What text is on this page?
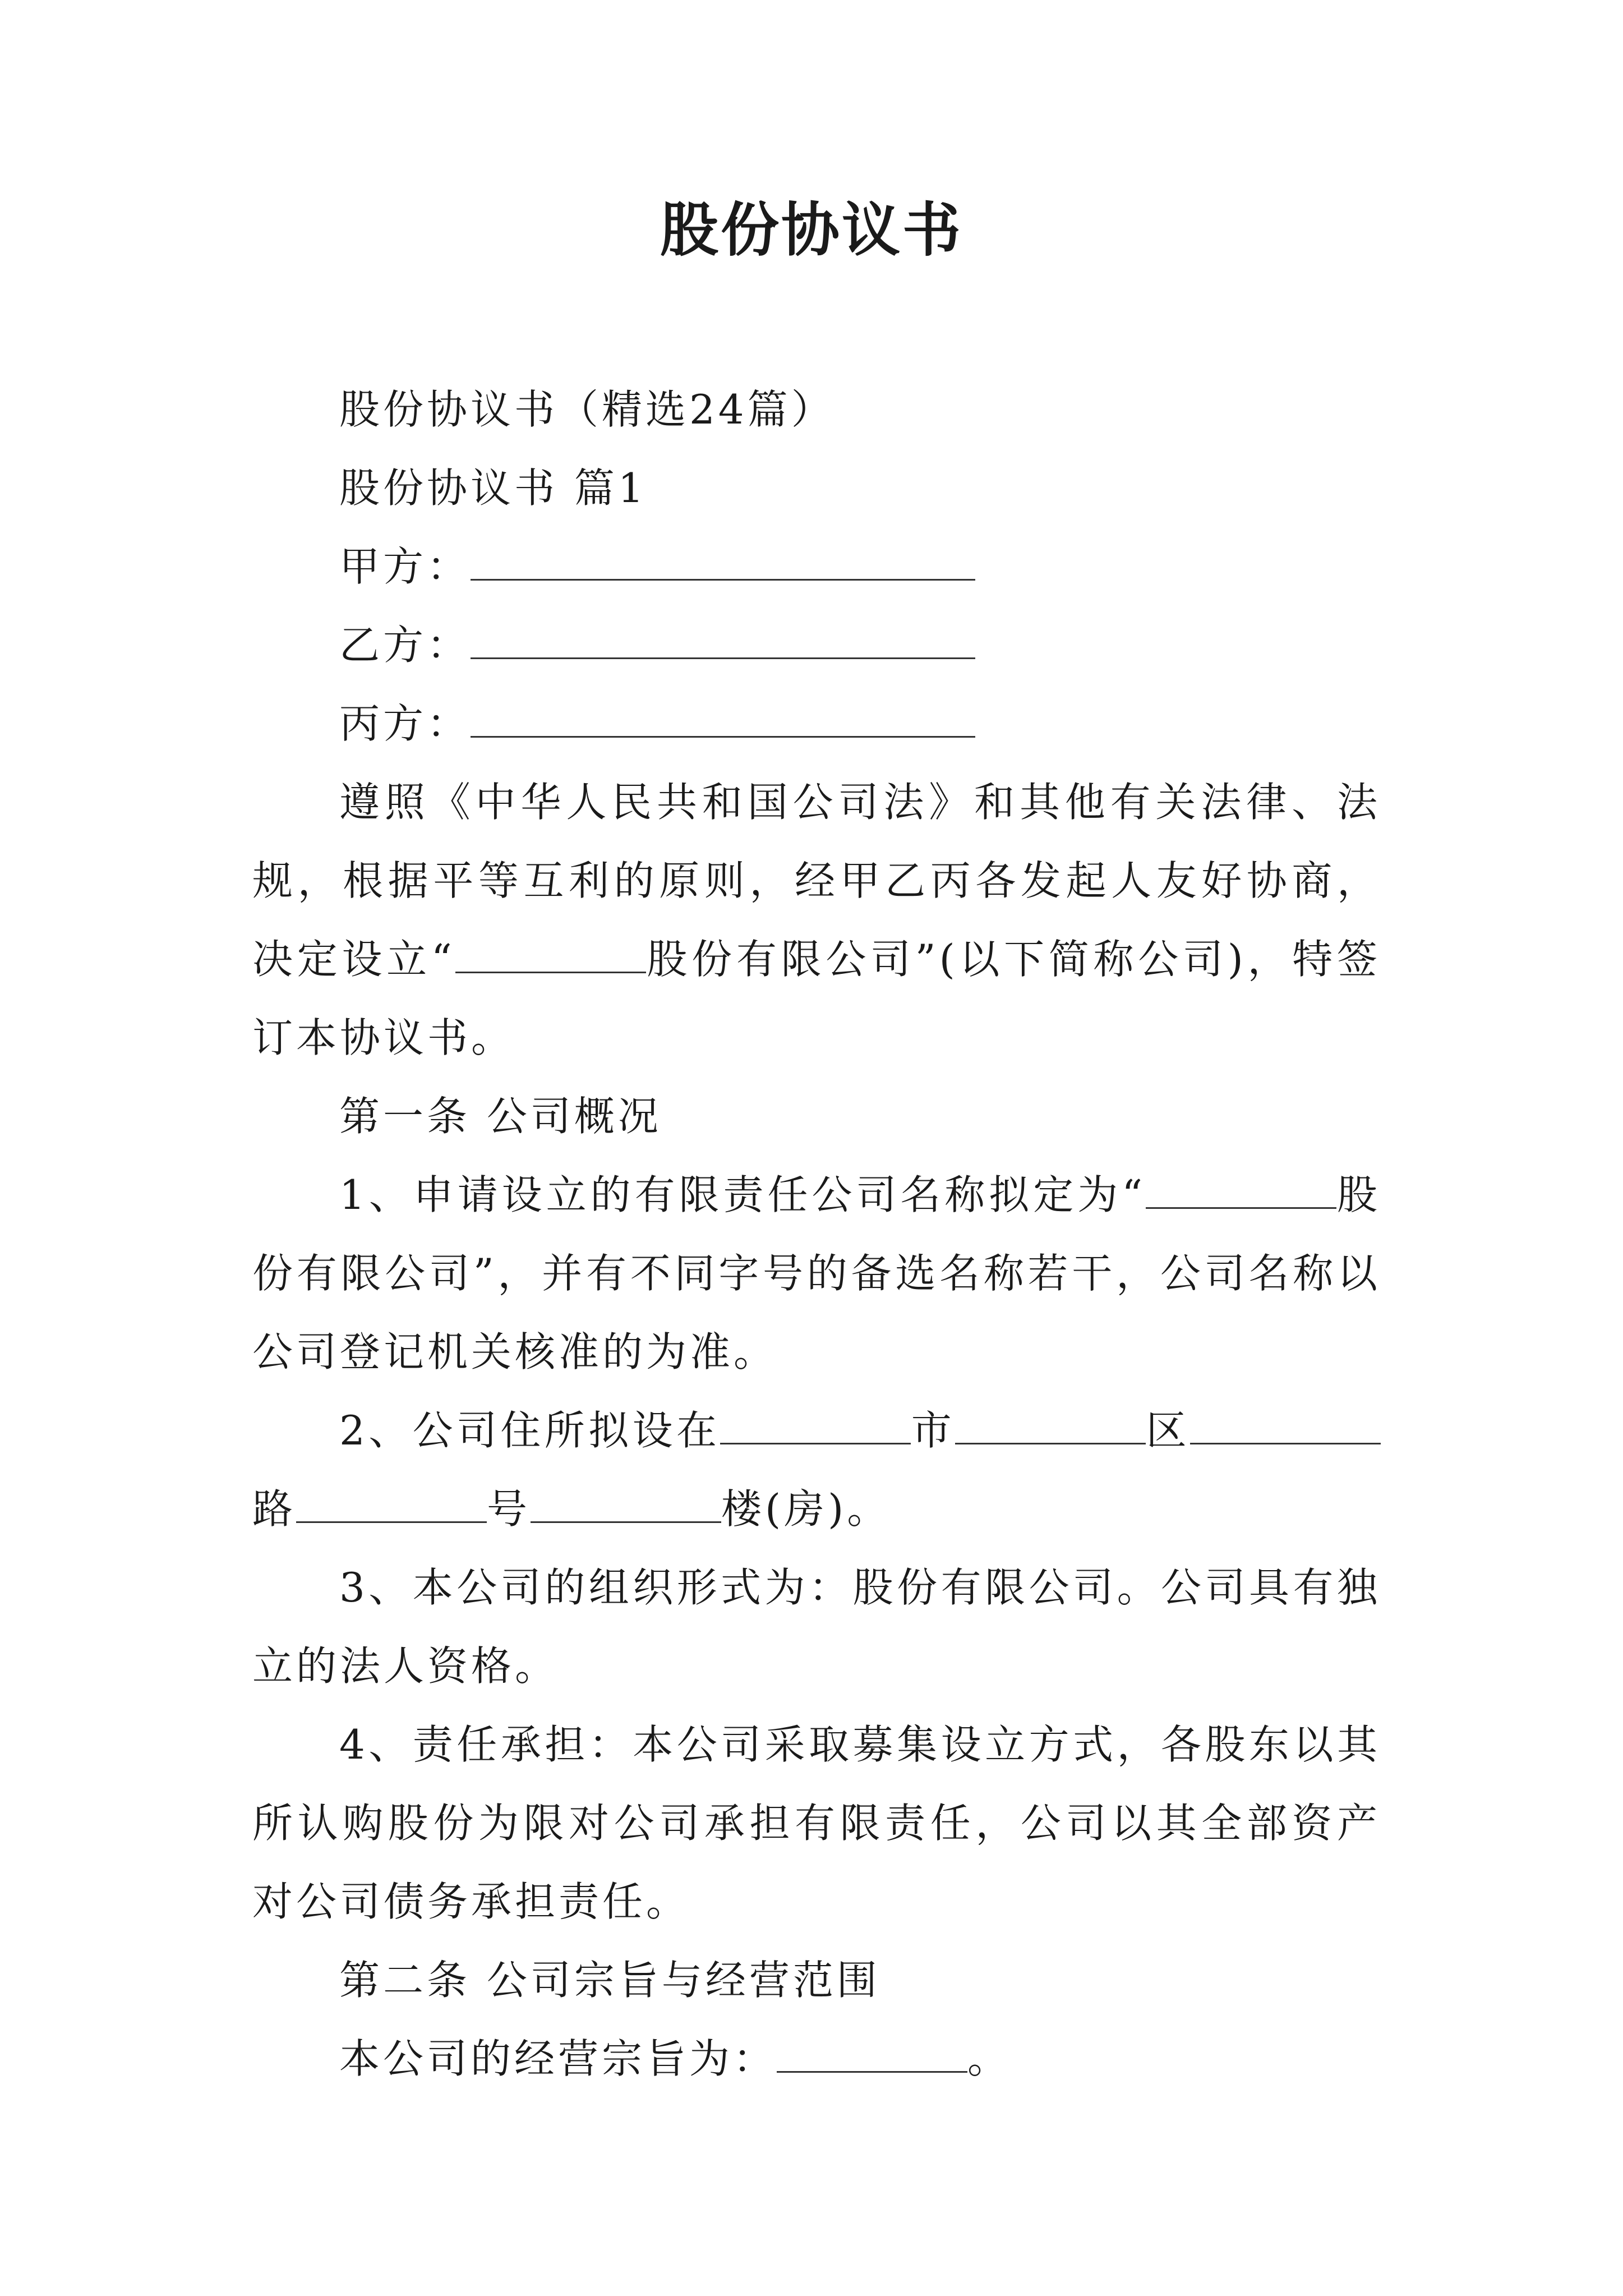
股份协议书

股份协议书（精选24篇）

股份协议书 篇1

甲方：

乙方：

丙方：

遵照《中华人民共和国公司法》和其他有关法律、法规，根据平等互利的原则，经甲乙丙各发起人友好协商，决定设立“	股份有限公司”(以下简称公司)，特签订本协议书。

第一条 公司概况

1、申请设立的有限责任公司名称拟定为“	股份有限公司”，并有不同字号的备选名称若干，公司名称以公司登记机关核准的为准。

2、公司住所拟设在	市	区路	号	楼(房)。

3、本公司的组织形式为：股份有限公司。公司具有独立的法人资格。

4、责任承担：本公司采取募集设立方式，各股东以其所认购股份为限对公司承担有限责任，公司以其全部资产对公司债务承担责任。

第二条 公司宗旨与经营范围

本公司的经营宗旨为：	。
